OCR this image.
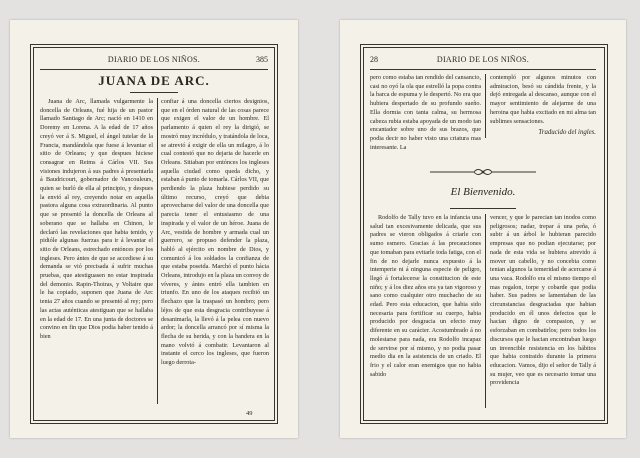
DIARIO DE LOS NIÑOS.	385
JUANA DE ARC.

Juana de Arc, llamada vulgarmente la doncella de Orleans, fué hija de un pastor llamado Santiago de Arc; nació en 1410 en Doremy en Lorena. A la edad de 17 años creyó ver á S. Miguel, el ángel tutelar de la Francia, mandándola que fuese á levantar el sitio de Orleans; y que despues hiciese consagrar en Reims á Cárlos VII. Sus visiones indujeron á sus padres á presentarla á Baudricourt, gobernador de Vancouleurs, quien se burló de ella al principio, y despues la envió al rey, creyendo notar en aquella pastora alguna cosa extraordinaria. Al punto que se presentó la doncella de Orleans al soberano que se hallaba en Chinon, le declaró las revelaciones que habia tenido, y pidióle algunas fuerzas para ir á levantar el sitio de Orleans, estrechado entónces por los ingleses. Pero ántes de que se accediese á su demanda se vió precisada á sufrir muchas pruebas, que atestiguasen no estar inspirada del demonio. Rapin-Thoiras, y Voltaire que le ha copiado, suponen que Juana de Arc tenia 27 años cuando se presentó al rey; pero las actas auténticas atestiguan que se hallaba en la edad de 17. En una junta de doctores se convino en fin que Dios podia haber tenido á bien

confiar á una doncella ciertos designios, que en el órden natural de las cosas parece que exigen el valor de un hombre. El parlamento á quien el rey la dirigió, se mostró muy incrédulo, y tratándola de loca, se atrevió á exigir de ella un milagro, á lo cual contestó que no dejaria de hacerle en Orleans. Sitiaban por entónces los ingleses aquella ciudad como queda dicho, y estaban á punto de tomarla. Cárlos VII, que perdiendo la plaza hubiese perdido su último recurso, creyó que debia aprovecharse del valor de una doncella que parecia tener el entusiasmo de una inspirada y el valor de un héroe. Juana de Arc, vestida de hombre y armada cual un guerrero, se propuso defender la plaza, habló al ejército en nombre de Dios, y comunicó á los soldados la confianza de que estaba poseida. Marchó el punto hácia Orleans, introdujo en la plaza un convoy de víveres, y ántes entró ella tambien en triunfo. En uno de los ataques recibió un flechazo que la traspasó un hombro; pero léjos de que esta desgracia contribuyese á desanimarla, la llevó á la pelea con nuevo ardor; la doncella arrancó por sí misma la flecha de su herida, y con la bandera en la mano volvió á combatir. Levantaron al instante el cerco los ingleses, que fueron luego derrota-

49
28	DIARIO DE LOS NIÑOS.

pero como estaba tan rendido del cansancio, casi no oyó la ola que estrelló la popa contra la barca de espuma y le despertó. No era que hubiera despertado de su profundo sueño. Ella dormia con tanta calma, su hermosa cabeza rubia estaba apoyada de un modo tan encantador sobre uno de sus brazos, que podia decir no haber visto una criatura mas interesante. La

contempló por algunos minutos con admiracion, besó su cándida frente, y la dejó entregada al descanso, aunque con el mayor sentimiento de alejarme de una heroina que habia excitado en mi alma tan sublimes sensaciones.

Traducido del ingles.
El Bienvenido.

Rodolfo de Tally tuvo en la infancia una salud tan excesivamente delicada, que sus padres se vieron obligados á criarle con sumo esmero. Gracias á las precauciones que tomaban para evitarle toda fatiga, con el fin de no dejarle nunca expuesto á la intemperie ni á ninguna especie de peligro, llegó á fortalecerse la constitucion de este niño; y á los diez años era ya tan vigoroso y sano como cualquier otro muchacho de su edad. Pero esta educacion, que habia sido necesaria para fortificar su cuerpo, habia producido por desgracia un efecto muy diferente en su carácter. Acostumbrado á no molestarse para nada, era Rodolfo incapaz de servirse por sí mismo, y no podia pasar medio dia en la asistencia de un criado. El frio y el calor eran enemigos que no habia sabido

vencer, y que le parecian tan inodos como peligrosos; nadar, trepar á una peña, ó subir á un árbol le hubieran parecido empresas que no podian ejecutarse; por nada de esta vida se hubiera atrevido á mover un cabello, y no concebia como tenian algunos la temeridad de acercarse á una vaca. Rodolfo era el mismo tiempo el mas regalon, torpe y cobarde que podia haber. Sus padres se lamentaban de las circunstancias desgraciadas que habian producido en él unos defectos que le hacian digno de compasion, y se esforzaban en combatirlos; pero todos los discursos que le hacian encontraban luego un invencible resistencia en los hábitos que habia contraido durante la primera educacion. Vamos, dijo el señor de Tally á su mujer, veo que es necesario tomar una providencia
